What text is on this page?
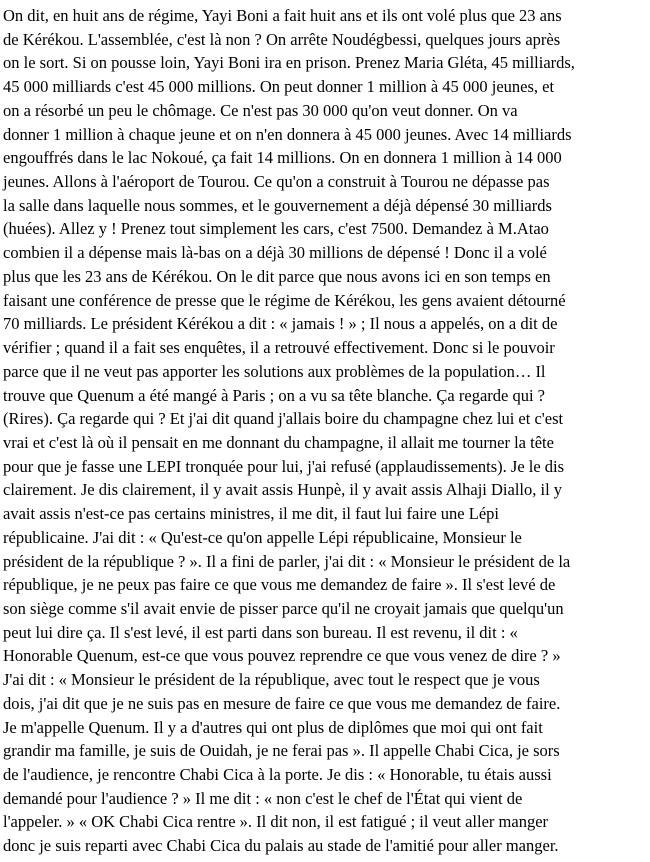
On dit, en huit ans de régime, Yayi Boni a fait huit ans et ils ont volé plus que 23 ans
de Kérékou. L'assemblée, c'est là non ? On arrête Noudégbessi, quelques jours après
on le sort. Si on pousse loin, Yayi Boni ira en prison. Prenez Maria Gléta, 45 milliards,
45 000 milliards c'est 45 000 millions. On peut donner 1 million à 45 000 jeunes, et
on a résorbé un peu le chômage. Ce n'est pas 30 000 qu'on veut donner. On va
donner 1 million à chaque jeune et on n'en donnera à 45 000 jeunes. Avec 14 milliards
engouffrés dans le lac Nokoué, ça fait 14 millions. On en donnera 1 million à 14 000
jeunes. Allons à l'aéroport de Tourou. Ce qu'on a construit à Tourou ne dépasse pas
la salle dans laquelle nous sommes, et le gouvernement a déjà dépensé 30 milliards
(huées). Allez y ! Prenez tout simplement les cars, c'est 7500. Demandez à M.Atao
combien il a dépense mais là-bas on a déjà 30 millions de dépensé ! Donc il a volé
plus que les 23 ans de Kérékou. On le dit parce que nous avons ici en son temps en
faisant une conférence de presse que le régime de Kérékou, les gens avaient détourné
70 milliards. Le président Kérékou a dit : « jamais ! » ; Il nous a appelés, on a dit de
vérifier ; quand il a fait ses enquêtes, il a retrouvé effectivement. Donc si le pouvoir
parce que il ne veut pas apporter les solutions aux problèmes de la population… Il
trouve que Quenum a été mangé à Paris ; on a vu sa tête blanche. Ça regarde qui ?
(Rires). Ça regarde qui ? Et j'ai dit quand j'allais boire du champagne chez lui et c'est
vrai et c'est là où il pensait en me donnant du champagne, il allait me tourner la tête
pour que je fasse une LEPI tronquée pour lui, j'ai refusé (applaudissements). Je le dis
clairement. Je dis clairement, il y avait assis Hunpè, il y avait assis Alhaji Diallo, il y
avait assis n'est-ce pas certains ministres, il me dit, il faut lui faire une Lépi
républicaine. J'ai dit : « Qu'est-ce qu'on appelle Lépi républicaine, Monsieur le
président de la république ? ». Il a fini de parler, j'ai dit : « Monsieur le président de la
république, je ne peux pas faire ce que vous me demandez de faire ». Il s'est levé de
son siège comme s'il avait envie de pisser parce qu'il ne croyait jamais que quelqu'un
peut lui dire ça. Il s'est levé, il est parti dans son bureau. Il est revenu, il dit : «
Honorable Quenum, est-ce que vous pouvez reprendre ce que vous venez de dire ? »
J'ai dit : « Monsieur le président de la république, avec tout le respect que je vous
dois, j'ai dit que je ne suis pas en mesure de faire ce que vous me demandez de faire.
Je m'appelle Quenum. Il y a d'autres qui ont plus de diplômes que moi qui ont fait
grandir ma famille, je suis de Ouidah, je ne ferai pas ». Il appelle Chabi Cica, je sors
de l'audience, je rencontre Chabi Cica à la porte. Je dis : « Honorable, tu étais aussi
demandé pour l'audience ? » Il me dit : « non c'est le chef de l'État qui vient de
l'appeler. » « OK Chabi Cica rentre ». Il dit non, il est fatigué ; il veut aller manger
donc je suis reparti avec Chabi Cica du palais au stade de l'amitié pour aller manger.
